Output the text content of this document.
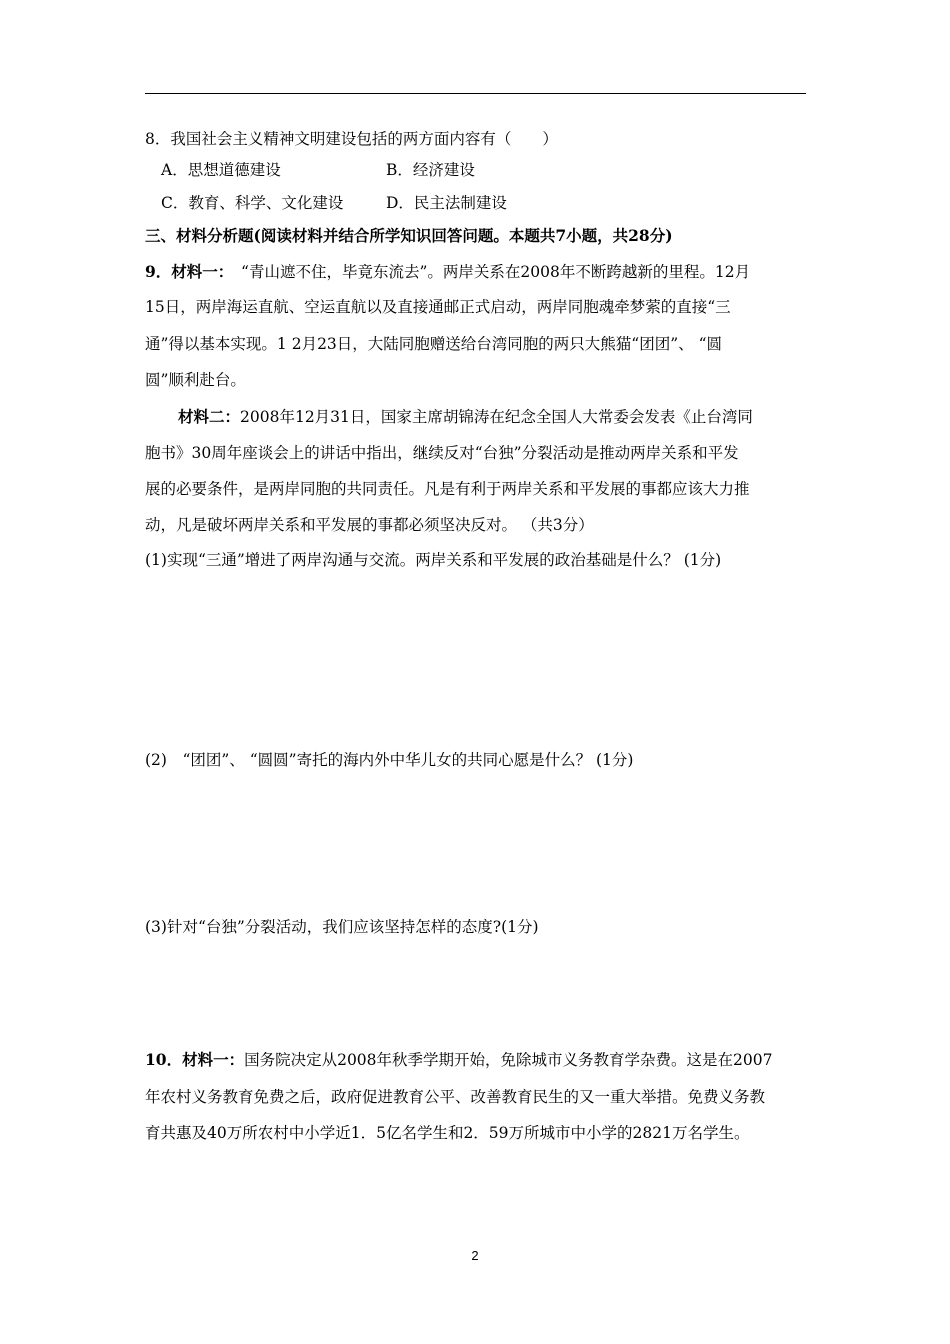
8．我国社会主义精神文明建设包括的两方面内容有（　　）
A．思想道德建设	B．经济建设
C．教育、科学、文化建设	D．民主法制建设
三、材料分析题(阅读材料并结合所学知识回答问题。本题共7小题，共28分)
9．材料一：　“青山遮不住，毕竟东流去”。两岸关系在2008年不断跨越新的里程。12月
15日，两岸海运直航、空运直航以及直接通邮正式启动，两岸同胞魂牵梦萦的直接“三
通”得以基本实现。1 2月23日，大陆同胞赠送给台湾同胞的两只大熊猫“团团”、 “圆
圆”顺利赴台。
材料二：2008年12月31日，国家主席胡锦涛在纪念全国人大常委会发表《止台湾同
胞书》30周年座谈会上的讲话中指出，继续反对“台独”分裂活动是推动两岸关系和平发
展的必要条件，是两岸同胞的共同责任。凡是有利于两岸关系和平发展的事都应该大力推
动，凡是破坏两岸关系和平发展的事都必须坚决反对。 （共3分）
(1)实现“三通”增进了两岸沟通与交流。两岸关系和平发展的政治基础是什么？ (1分)
(2)　“团团”、 “圆圆”寄托的海内外中华儿女的共同心愿是什么？ (1分)
(3)针对“台独”分裂活动，我们应该坚持怎样的态度?(1分)
10．材料一：国务院决定从2008年秋季学期开始，免除城市义务教育学杂费。这是在2007
年农村义务教育免费之后，政府促进教育公平、改善教育民生的又一重大举措。免费义务教
育共惠及40万所农村中小学近1．5亿名学生和2．59万所城市中小学的2821万名学生。
2
